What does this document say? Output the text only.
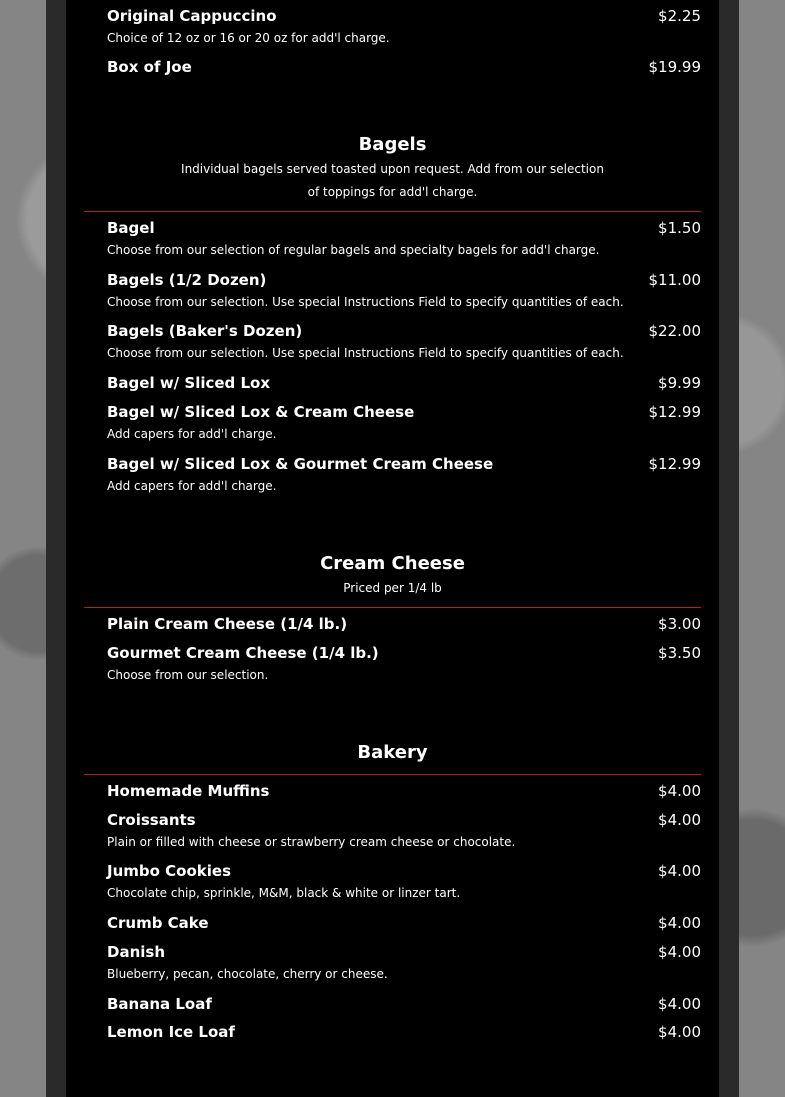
Original Cappuccino	$2.25
Choice of 12 oz or 16 or 20 oz for add'l charge.
Box of Joe	$19.99
Bagels
Individual bagels served toasted upon request. Add from our selection of toppings for add'l charge.
Bagel	$1.50
Choose from our selection of regular bagels and specialty bagels for add'l charge.
Bagels (1/2 Dozen)	$11.00
Choose from our selection. Use special Instructions Field to specify quantities of each.
Bagels (Baker's Dozen)	$22.00
Choose from our selection. Use special Instructions Field to specify quantities of each.
Bagel w/ Sliced Lox	$9.99
Bagel w/ Sliced Lox & Cream Cheese	$12.99
Add capers for add'l charge.
Bagel w/ Sliced Lox & Gourmet Cream Cheese	$12.99
Add capers for add'l charge.
Cream Cheese
Priced per 1/4 lb
Plain Cream Cheese (1/4 lb.)	$3.00
Gourmet Cream Cheese (1/4 lb.)	$3.50
Choose from our selection.
Bakery
Homemade Muffins	$4.00
Croissants	$4.00
Plain or filled with cheese or strawberry cream cheese or chocolate.
Jumbo Cookies	$4.00
Chocolate chip, sprinkle, M&M, black & white or linzer tart.
Crumb Cake	$4.00
Danish	$4.00
Blueberry, pecan, chocolate, cherry or cheese.
Banana Loaf	$4.00
Lemon Ice Loaf	$4.00
